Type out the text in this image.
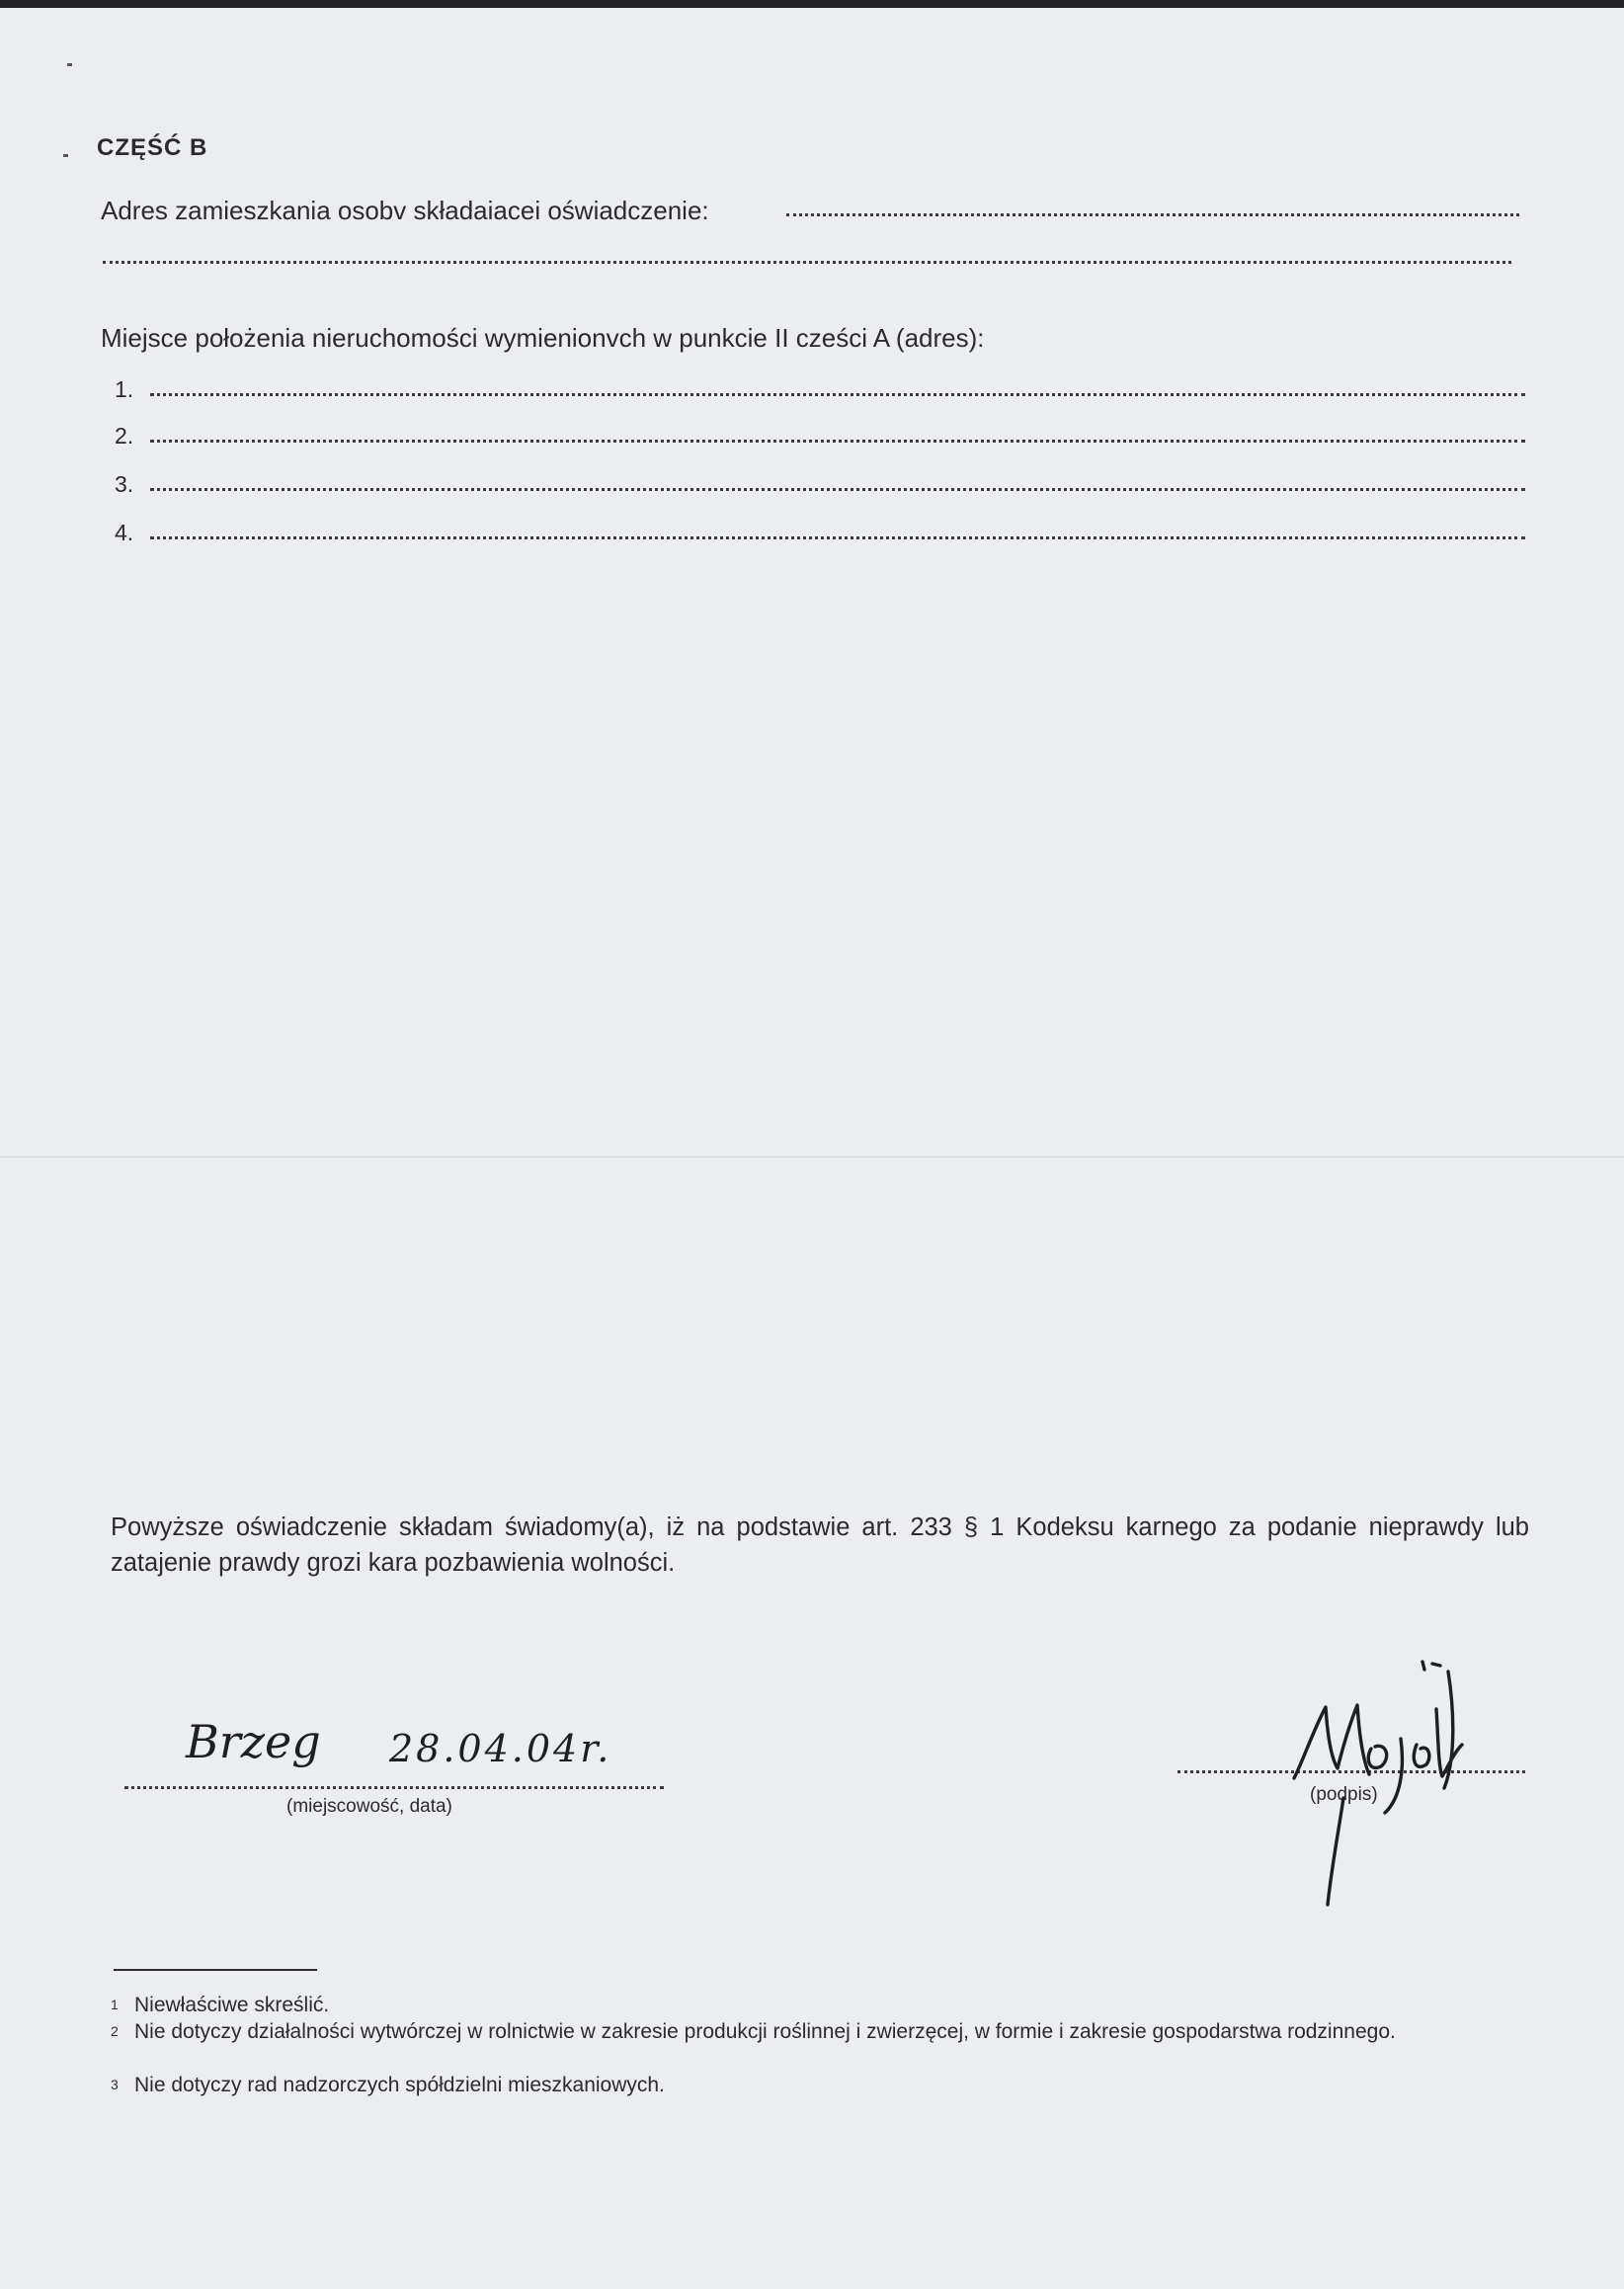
CZĘŚĆ B
Adres zamieszkania osobv składaiacei oświadczenie:
Miejsce położenia nieruchomości wymienionvch w punkcie II cześci A (adres):
1.
2.
3.
4.
Powyższe oświadczenie składam świadomy(a), iż na podstawie art. 233 § 1 Kodeksu karnego za podanie nieprawdy lub zatajenie prawdy grozi kara pozbawienia wolności.
Brzeg 28.04.04r.
(miejscowość, data)
(podpis)
$^1$ Niewłaściwe skreślić.
$^2$ Nie dotyczy działalności wytwórczej w rolnictwie w zakresie produkcji roślinnej i zwierzęcej, w formie i zakresie gospodarstwa rodzinnego.
$^3$ Nie dotyczy rad nadzorczych spółdzielni mieszkaniowych.
